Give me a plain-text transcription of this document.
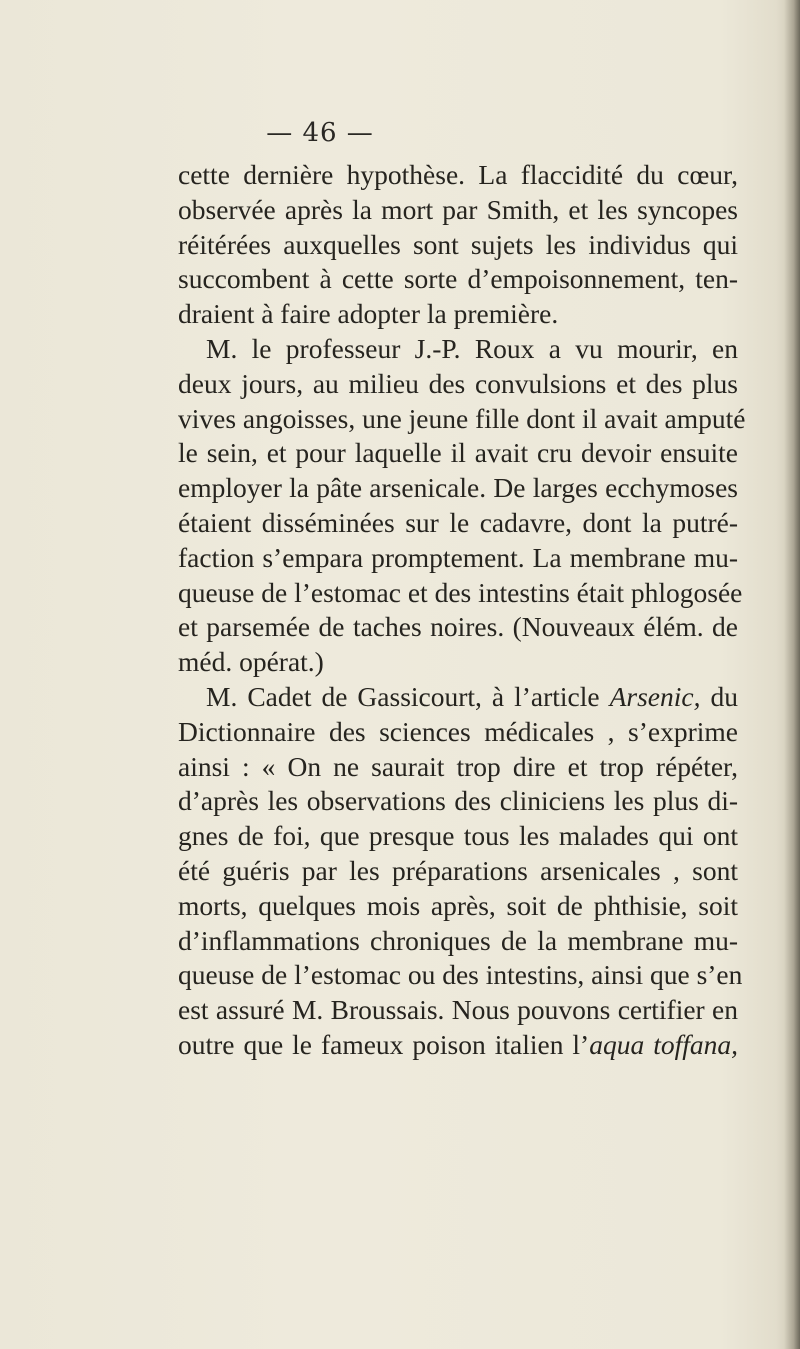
— 46 —
cette dernière hypothèse. La flaccidité du cœur,
observée après la mort par Smith, et les syncopes
réitérées auxquelles sont sujets les individus qui
succombent à cette sorte d’empoisonnement, ten-
draient à faire adopter la première.
M. le professeur J.-P. Roux a vu mourir, en
deux jours, au milieu des convulsions et des plus
vives angoisses, une jeune fille dont il avait amputé
le sein, et pour laquelle il avait cru devoir ensuite
employer la pâte arsenicale. De larges ecchymoses
étaient disséminées sur le cadavre, dont la putré-
faction s’empara promptement. La membrane mu-
queuse de l’estomac et des intestins était phlogosée
et parsemée de taches noires. (Nouveaux élém. de
méd. opérat.)
M. Cadet de Gassicourt, à l’article Arsenic, du
Dictionnaire des sciences médicales , s’exprime
ainsi : « On ne saurait trop dire et trop répéter,
d’après les observations des cliniciens les plus di-
gnes de foi, que presque tous les malades qui ont
été guéris par les préparations arsenicales , sont
morts, quelques mois après, soit de phthisie, soit
d’inflammations chroniques de la membrane mu-
queuse de l’estomac ou des intestins, ainsi que s’en
est assuré M. Broussais. Nous pouvons certifier en
outre que le fameux poison italien l’aqua toffana,
